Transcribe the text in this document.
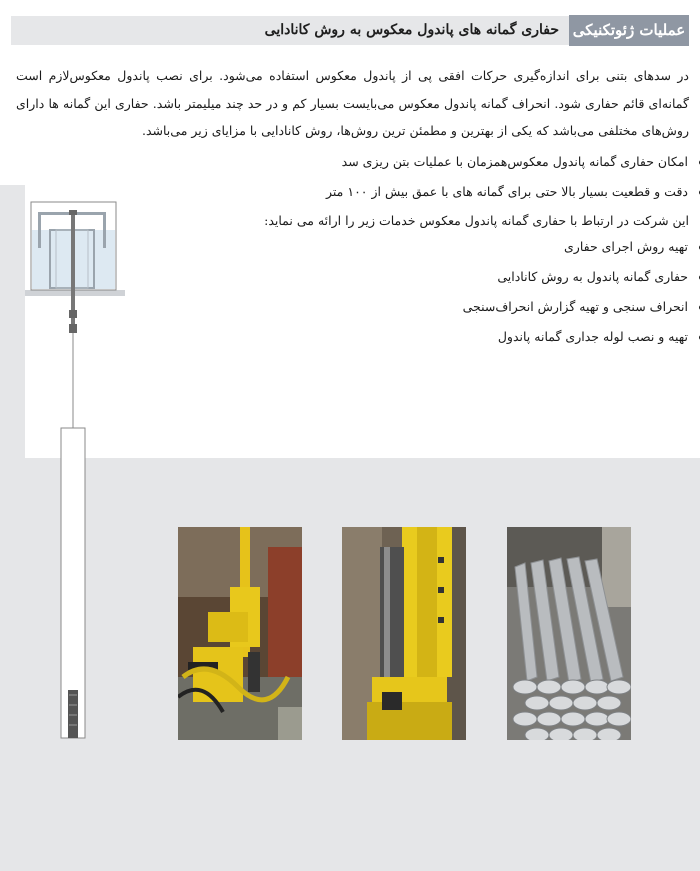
حفاری گمانه های پاندول معکوس به روش کانادایی عملیات ژئوتکنیکی
در سدهای بتنی برای اندازه‌گیری حرکات افقی پی از پاندول معکوس استفاده می‌شود. برای نصب پاندول معکوس‌لازم است گمانه‌ای قائم حفاری شود. انحراف گمانه پاندول معکوس می‌بایست بسیار کم و در حد چند میلیمتر باشد. حفاری این گمانه ها دارای روش‌های مختلفی می‌باشد که یکی از بهترین و مطمئن ترین روش‌ها، روش کانادایی با مزایای زیر می‌باشد.
امکان حفاری گمانه پاندول معکوس‌همزمان با عملیات بتن ریزی سد
دقت و قطعیت بسیار بالا حتی برای گمانه های با عمق بیش از ۱۰۰ متر
این شرکت در ارتباط با حفاری گمانه پاندول معکوس خدمات زیر را ارائه می نماید:
تهیه روش اجرای حفاری
حفاری گمانه پاندول به روش کانادایی
انحراف سنجی و تهیه گزارش انحراف‌سنجی
تهیه و نصب لوله جداری گمانه پاندول
